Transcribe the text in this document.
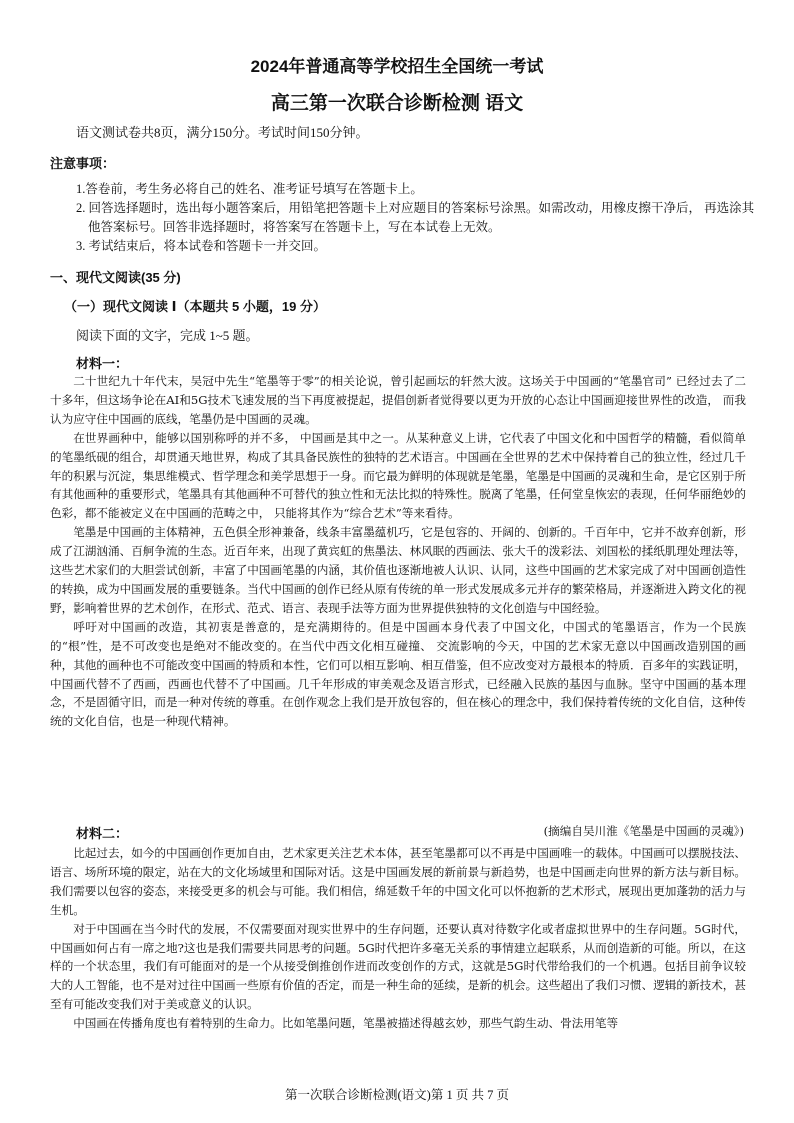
2024年普通高等学校招生全国统一考试
高三第一次联合诊断检测 语文
语文测试卷共8页，满分150分。考试时间150分钟。
注意事项：

1.答卷前，考生务必将自己的姓名、准考证号填写在答题卡上。

2. 回答选择题时，选出每小题答案后，用铅笔把答题卡上对应题目的答案标号涂黑。如需改动，用橡皮擦干净后， 再选涂其他答案标号。回答非选择题时，将答案写在答题卡上，写在本试卷上无效。

3. 考试结束后，将本试卷和答题卡一并交回。

一、现代文阅读(35 分)
（一）现代文阅读 Ⅰ（本题共 5 小题，19 分）
阅读下面的文字，完成 1~5 题。
材料一：

二十世纪九十年代末，吴冠中先生“笔墨等于零”的相关论说，曾引起画坛的轩然大波。这场关于中国画的“笔墨官司” 已经过去了二十多年，但这场争论在AI和5G技术飞速发展的当下再度被提起，提倡创新者觉得要以更为开放的心态让中国画迎接世界性的改造， 而我认为应守住中国画的底线，笔墨仍是中国画的灵魂。

在世界画种中，能够以国别称呼的并不多， 中国画是其中之一。从某种意义上讲，它代表了中国文化和中国哲学的精髓，看似简单的笔墨纸砚的组合，却贯通天地世界，构成了其具备民族性的独特的艺术语言。中国画在全世界的艺术中保持着自己的独立性，经过几千年的积累与沉淀，集思维模式、哲学理念和美学思想于一身。而它最为鲜明的体现就是笔墨，笔墨是中国画的灵魂和生命，是它区别于所有其他画种的重要形式，笔墨具有其他画种不可替代的独立性和无法比拟的特殊性。脱离了笔墨，任何堂皇恢宏的表现，任何华丽绝妙的色彩，都不能被定义在中国画的范畴之中， 只能将其作为“综合艺术”等来看待。

笔墨是中国画的主体精神，五色俱全形神兼备，线条丰富墨蕴机巧，它是包容的、开阔的、创新的。千百年中，它并不故弃创新，形成了江湖汹涌、百舸争流的生态。近百年来，出现了黄宾虹的焦墨法、林风眠的西画法、张大千的泼彩法、刘国松的揉纸肌理处理法等，这些艺术家们的大胆尝试创新，丰富了中国画笔墨的内涵，其价值也逐渐地被人认识、认同，这些中国画的艺术家完成了对中国画创造性的转换，成为中国画发展的重要链条。当代中国画的创作已经从原有传统的单一形式发展成多元并存的繁荣格局，并逐渐进入跨文化的视野，影响着世界的艺术创作，在形式、范式、语言、表现手法等方面为世界提供独特的文化创造与中国经验。

呼吁对中国画的改造，其初衷是善意的，是充满期待的。但是中国画本身代表了中国文化，中国式的笔墨语言，作为一个民族的“根”性，是不可改变也是绝对不能改变的。在当代中西文化相互碰撞、 交流影响的今天，中国的艺术家无意以中国画改造别国的画种，其他的画种也不可能改变中国画的特质和本性，它们可以相互影响、相互借鉴，但不应改变对方最根本的特质．百多年的实践证明，中国画代替不了西画，西画也代替不了中国画。几千年形成的审美观念及语言形式，已经融入民族的基因与血脉。坚守中国画的基本理念，不是固循守旧，而是一种对传统的尊重。在创作观念上我们是开放包容的，但在核心的理念中，我们保持着传统的文化自信，这种传统的文化自信，也是一种现代精神。

(摘编自吴川淮《笔墨是中国画的灵魂》)
材料二：

比起过去，如今的中国画创作更加自由，艺术家更关注艺术本体，甚至笔墨都可以不再是中国画唯一的载体。中国画可以摆脱技法、语言、场所环境的限定，站在大的文化场域里和国际对话。这是中国画发展的新前景与新趋势，也是中国画走向世界的新方法与新目标。我们需要以包容的姿态，来接受更多的机会与可能。我们相信，绵延数千年的中国文化可以怀抱新的艺术形式，展现出更加蓬勃的活力与生机。

对于中国画在当今时代的发展，不仅需要面对现实世界中的生存问题，还要认真对待数字化或者虚拟世界中的生存问题。5G时代，中国画如何占有一席之地?这也是我们需要共同思考的问题。5G时代把许多毫无关系的事情建立起联系，从而创造新的可能。所以，在这样的一个状态里，我们有可能面对的是一个从接受倒推创作进而改变创作的方式，这就是5G时代带给我们的一个机遇。包括目前争议较大的人工智能，也不是对过往中国画一些原有价值的否定，而是一种生命的延续，是新的机会。这些超出了我们习惯、逻辑的新技术，甚至有可能改变我们对于美或意义的认识。

中国画在传播角度也有着特别的生命力。比如笔墨问题，笔墨被描述得越玄妙，那些气韵生动、骨法用笔等

第一次联合诊断检测(语文)第 1 页 共 7 页
